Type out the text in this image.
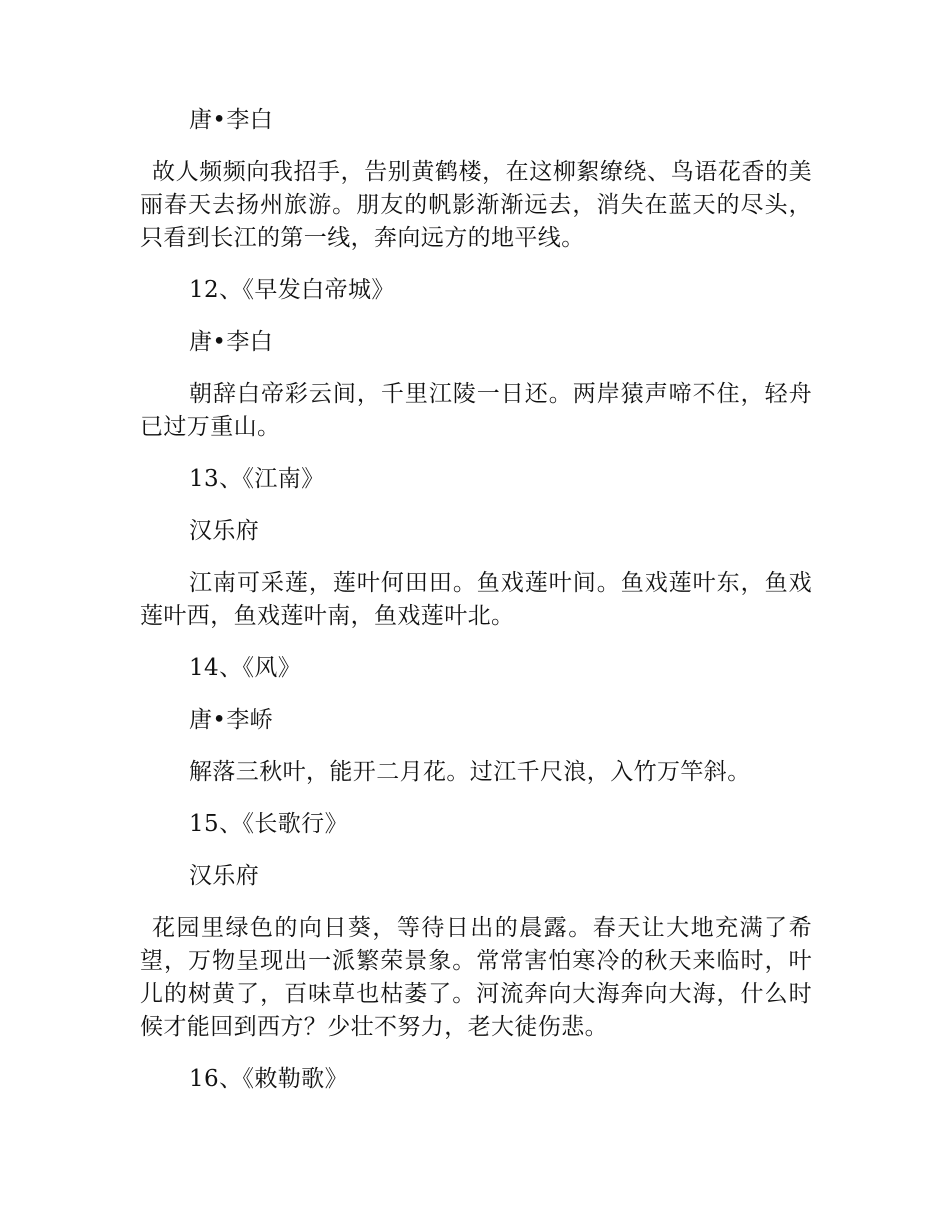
唐•李白

故人频频向我招手，告别黄鹤楼，在这柳絮缭绕、鸟语花香的美丽春天去扬州旅游。朋友的帆影渐渐远去，消失在蓝天的尽头，只看到长江的第一线，奔向远方的地平线。

12、《早发白帝城》
唐•李白

朝辞白帝彩云间，千里江陵一日还。两岸猿声啼不住，轻舟已过万重山。

13、《江南》
汉乐府

江南可采莲，莲叶何田田。鱼戏莲叶间。鱼戏莲叶东，鱼戏莲叶西，鱼戏莲叶南，鱼戏莲叶北。

14、《风》
唐•李峤

解落三秋叶，能开二月花。过江千尺浪，入竹万竿斜。

15、《长歌行》
汉乐府

花园里绿色的向日葵，等待日出的晨露。春天让大地充满了希望，万物呈现出一派繁荣景象。常常害怕寒冷的秋天来临时，叶儿的树黄了，百味草也枯萎了。河流奔向大海奔向大海，什么时候才能回到西方？少壮不努力，老大徒伤悲。

16、《敕勒歌》
